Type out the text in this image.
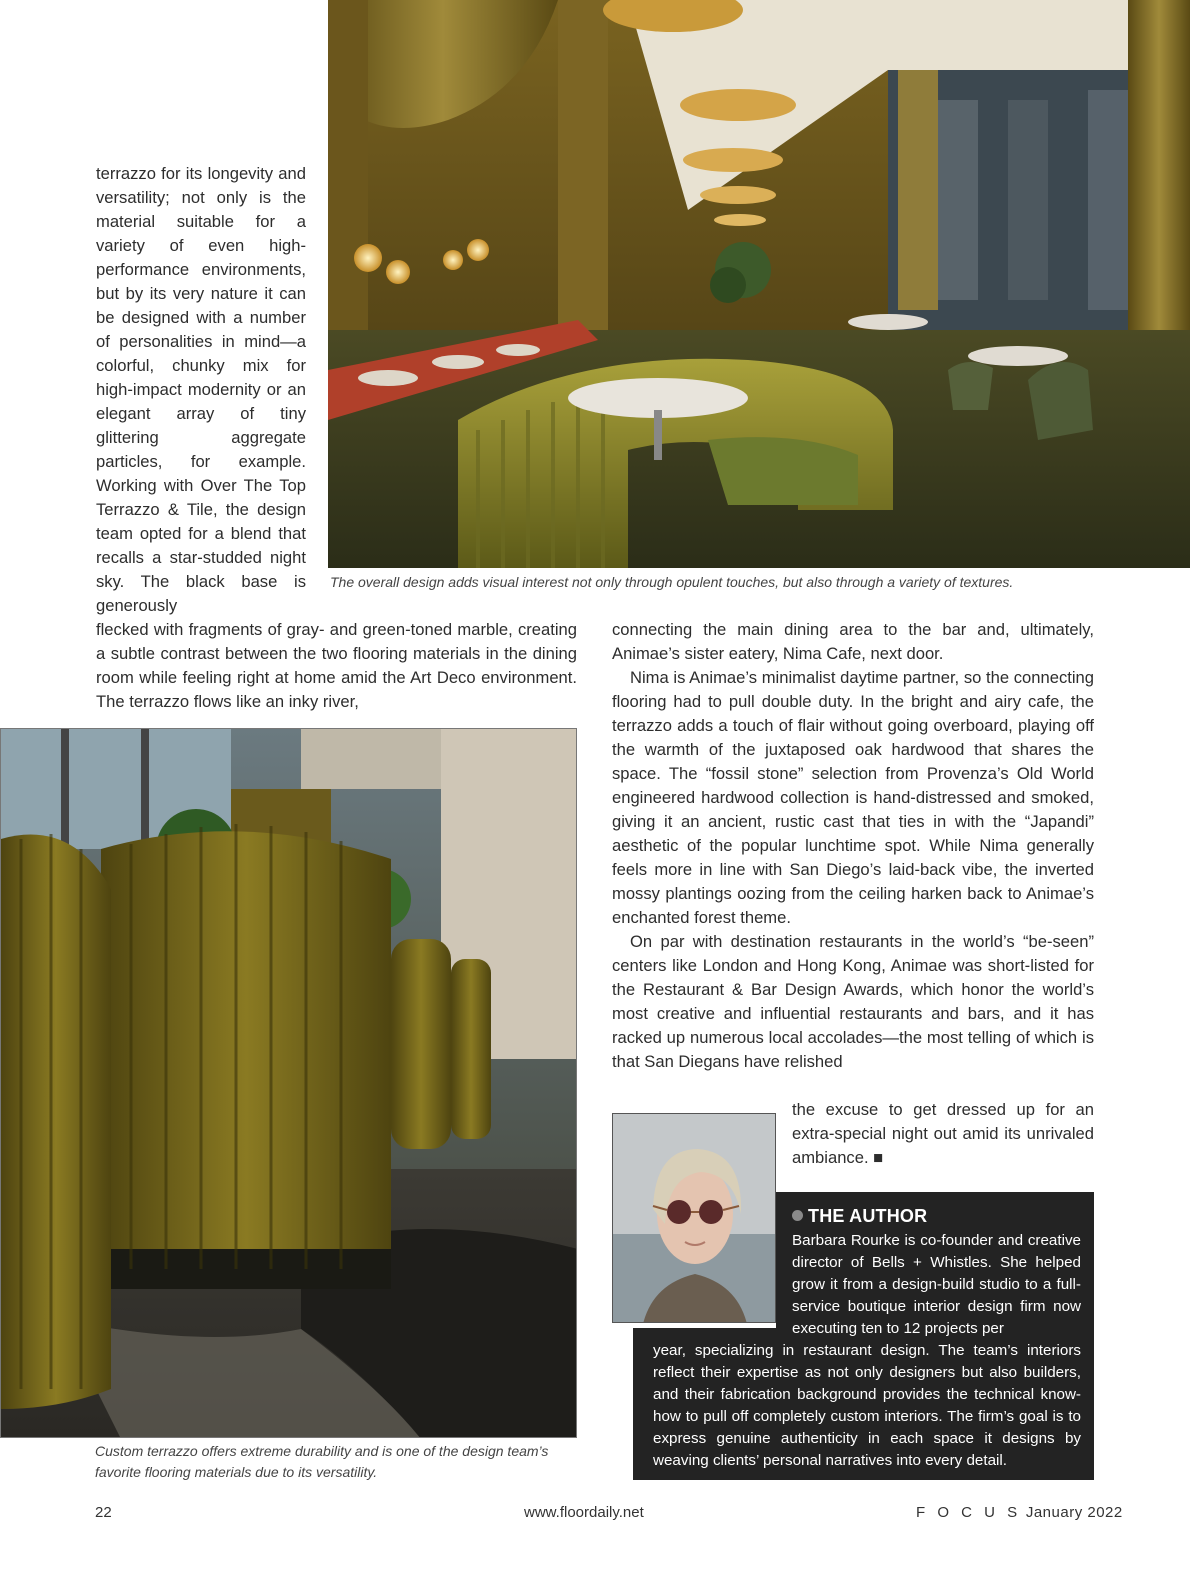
The overall design adds visual interest not only through opulent touches, but also through a variety of textures.

terrazzo for its longevity and versatility; not only is the material suitable for a variety of even high-performance environments, but by its very nature it can be designed with a number of personalities in mind—a colorful, chunky mix for high-impact modernity or an elegant array of tiny glittering aggregate particles, for example. Working with Over The Top Terrazzo & Tile, the design team opted for a blend that recalls a star-studded night sky. The black base is generously

flecked with fragments of gray- and green-toned marble, creating a subtle contrast between the two flooring materials in the dining room while feeling right at home amid the Art Deco environment. The terrazzo flows like an inky river,

Custom terrazzo offers extreme durability and is one of the design team’s favorite flooring materials due to its versatility.

connecting the main dining area to the bar and, ultimately, Animae’s sister eatery, Nima Cafe, next door.

Nima is Animae’s minimalist daytime partner, so the connecting flooring had to pull double duty. In the bright and airy cafe, the terrazzo adds a touch of flair without going overboard, playing off the warmth of the juxtaposed oak hardwood that shares the space. The “fossil stone” selection from Provenza’s Old World engineered hardwood collection is hand-distressed and smoked, giving it an ancient, rustic cast that ties in with the “Japandi” aesthetic of the popular lunchtime spot. While Nima generally feels more in line with San Diego’s laid-back vibe, the inverted mossy plantings oozing from the ceiling harken back to Animae’s enchanted forest theme.

On par with destination restaurants in the world’s “be-seen” centers like London and Hong Kong, Animae was short-listed for the Restaurant & Bar Design Awards, which honor the world’s most creative and influential restaurants and bars, and it has racked up numerous local accolades—the most telling of which is that San Diegans have relished

the excuse to get dressed up for an extra-special night out amid its unrivaled ambiance. ■

THE AUTHOR

Barbara Rourke is co-founder and creative director of Bells + Whistles. She helped grow it from a design-build studio to a full-service boutique interior design firm now executing ten to 12 projects per

year, specializing in restaurant design. The team’s interiors reflect their expertise as not only designers but also builders, and their fabrication background provides the technical know-how to pull off completely custom interiors. The firm’s goal is to express genuine authenticity in each space it designs by weaving clients’ personal narratives into every detail.

22	www.floordaily.net	F O C U S January 2022
